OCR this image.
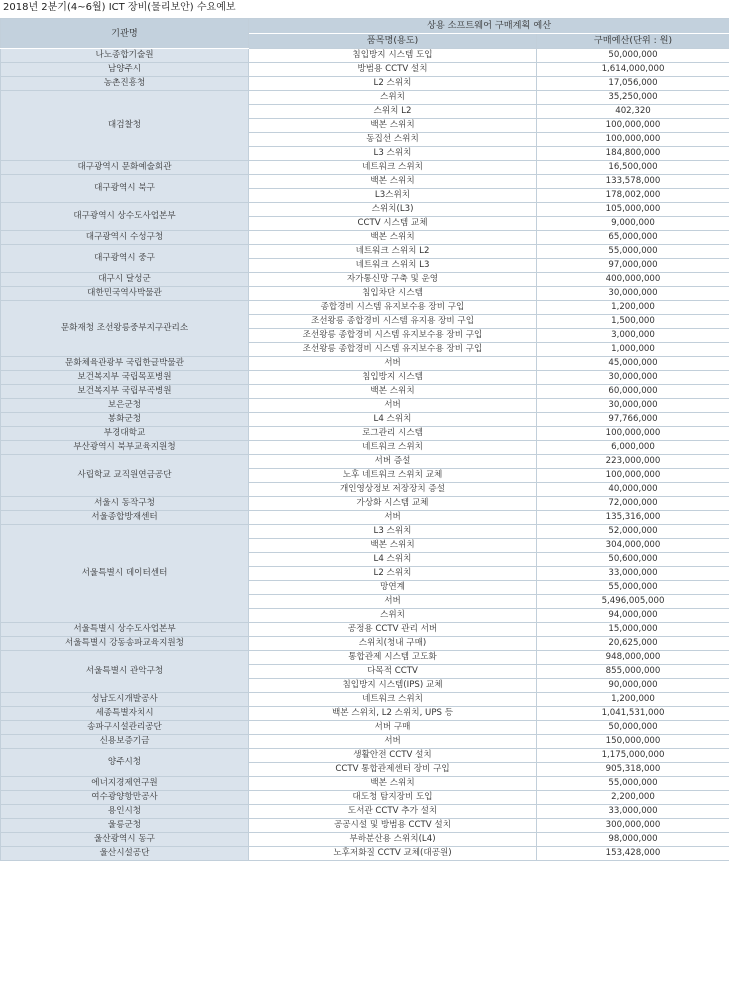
2018년 2분기(4~6월) ICT 장비(물리보안) 수요예보
기관명	상용 소프트웨어 구매계획 예산	
	품목명(용도)	구매예산(단위 : 원)
나노종합기술원	침입방지 시스템 도입	50,000,000
남양주시	방범용 CCTV 설치	1,614,000,000
농촌진흥청	L2 스위치	17,056,000
대검찰청	스위치	35,250,000
	스위치 L2	402,320
	백본 스위치	100,000,000
	동집선 스위치	100,000,000
	L3 스위치	184,800,000
대구광역시 문화예술회관	네트워크 스위치	16,500,000
대구광역시 북구	백본 스위치	133,578,000
	L3스위치	178,002,000
대구광역시 상수도사업본부	스위치(L3)	105,000,000
	CCTV 시스템 교체	9,000,000
대구광역시 수성구청	백본 스위치	65,000,000
대구광역시 중구	네트워크 스위치 L2	55,000,000
	네트워크 스위치 L3	97,000,000
대구시 달성군	자가통신망 구축 및 운영	400,000,000
대한민국역사박물관	침입차단 시스템	30,000,000
문화재청 조선왕릉중부지구관리소	종합경비 시스템 유지보수용 장비 구입	1,200,000
	조선왕릉 종합경비 시스템 유지용 장비 구입	1,500,000
	조선왕릉 종합경비 시스템 유지보수용 장비 구입	3,000,000
	조선왕릉 종합경비 시스템 유지보수용 장비 구입	1,000,000
문화체육관광부 국립한글박물관	서버	45,000,000
보건복지부 국립목포병원	침입방지 시스템	30,000,000
보건복지부 국립부곡병원	백본 스위치	60,000,000
보은군청	서버	30,000,000
봉화군청	L4 스위치	97,766,000
부경대학교	로그관리 시스템	100,000,000
부산광역시 북부교육지원청	네트워크 스위치	6,000,000
사립학교 교직원연금공단	서버 증설	223,000,000
	노후 네트워크 스위치 교체	100,000,000
	개인영상정보 저장장치 증설	40,000,000
서울시 동작구청	가상화 시스템 교체	72,000,000
서울종합방재센터	서버	135,316,000
서울특별시 데이터센터	L3 스위치	52,000,000
	백본 스위치	304,000,000
	L4 스위치	50,600,000
	L2 스위치	33,000,000
	망연계	55,000,000
	서버	5,496,005,000
	스위치	94,000,000
서울특별시 상수도사업본부	공정용 CCTV 관리 서버	15,000,000
서울특별시 강동송파교육지원청	스위치(청내 구매)	20,625,000
서울특별시 관악구청	통합관제 시스템 고도화	948,000,000
	다목적 CCTV	855,000,000
	침입방지 시스템(IPS) 교체	90,000,000
성남도시개발공사	네트워크 스위치	1,200,000
세종특별자치시	백본 스위치, L2 스위치, UPS 등	1,041,531,000
송파구시설관리공단	서버 구매	50,000,000
신용보증기금	서버	150,000,000
양주시청	생활안전 CCTV 설치	1,175,000,000
	CCTV 통합관제센터 장비 구입	905,318,000
에너지경제연구원	백본 스위치	55,000,000
여수광양항만공사	대도청 탐지장비 도입	2,200,000
용인시청	도서관 CCTV 추가 설치	33,000,000
울릉군청	공공시설 및 방범용 CCTV 설치	300,000,000
울산광역시 동구	부하분산용 스위치(L4)	98,000,000
울산시설공단	노후저화질 CCTV 교체(대공원)	153,428,000
